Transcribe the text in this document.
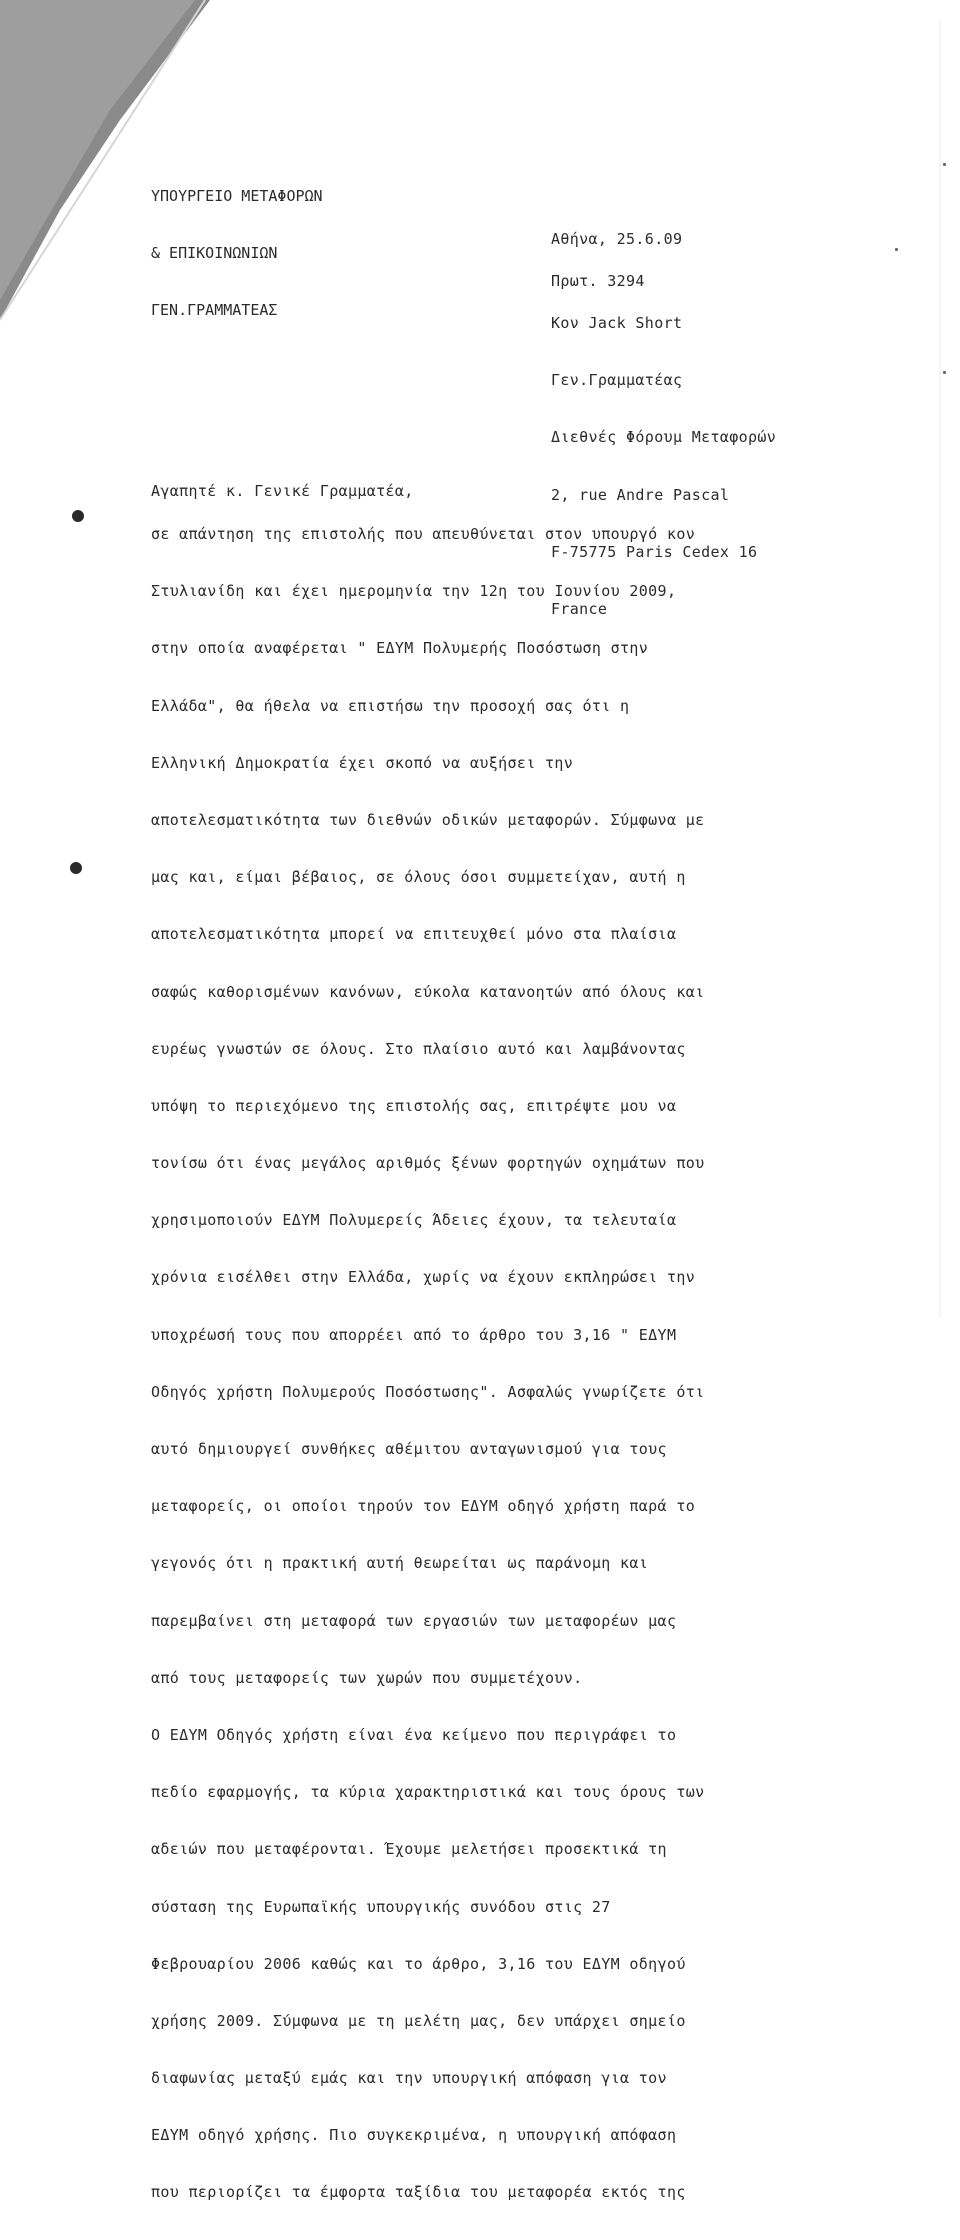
ΥΠΟΥΡΓΕΙΟ ΜΕΤΑΦΟΡΩΝ

& ΕΠΙΚΟΙΝΩΝΙΩΝ

ΓΕΝ.ΓΡΑΜΜΑΤΕΑΣ

Αθήνα, 25.6.09

Πρωτ. 3294

Κον Jack Short

Γεν.Γραμματέας

Διεθνές Φόρουμ Μεταφορών

2, rue Andre Pascal

F-75775 Paris Cedex 16

France

Αγαπητέ κ. Γενικέ Γραμματέα,

σε απάντηση της επιστολής που απευθύνεται στον υπουργό κον

Στυλιανίδη και έχει ημερομηνία την 12η του Ιουνίου 2009,

στην οποία αναφέρεται " ΕΔΥΜ Πολυμερής Ποσόστωση στην

Ελλάδα", θα ήθελα να επιστήσω την προσοχή σας ότι η

Ελληνική Δημοκρατία έχει σκοπό να αυξήσει την

αποτελεσματικότητα των διεθνών οδικών μεταφορών. Σύμφωνα με

μας και, είμαι βέβαιος, σε όλους όσοι συμμετείχαν, αυτή η

αποτελεσματικότητα μπορεί να επιτευχθεί μόνο στα πλαίσια

σαφώς καθορισμένων κανόνων, εύκολα κατανοητών από όλους και

ευρέως γνωστών σε όλους. Στο πλαίσιο αυτό και λαμβάνοντας

υπόψη το περιεχόμενο της επιστολής σας, επιτρέψτε μου να

τονίσω ότι ένας μεγάλος αριθμός ξένων φορτηγών οχημάτων που

χρησιμοποιούν ΕΔΥΜ Πολυμερείς Άδειες έχουν, τα τελευταία

χρόνια εισέλθει στην Ελλάδα, χωρίς να έχουν εκπληρώσει την

υποχρέωσή τους που απορρέει από το άρθρο του 3,16 " ΕΔΥΜ

Οδηγός χρήστη Πολυμερούς Ποσόστωσης". Ασφαλώς γνωρίζετε ότι

αυτό δημιουργεί συνθήκες αθέμιτου ανταγωνισμού για τους

μεταφορείς, οι οποίοι τηρούν τον ΕΔΥΜ οδηγό χρήστη παρά το

γεγονός ότι η πρακτική αυτή θεωρείται ως παράνομη και

παρεμβαίνει στη μεταφορά των εργασιών των μεταφορέων μας

από τους μεταφορείς των χωρών που συμμετέχουν.

Ο ΕΔΥΜ Οδηγός χρήστη είναι ένα κείμενο που περιγράφει το

πεδίο εφαρμογής, τα κύρια χαρακτηριστικά και τους όρους των

αδειών που μεταφέρονται. Έχουμε μελετήσει προσεκτικά τη

σύσταση της Ευρωπαϊκής υπουργικής συνόδου στις 27

Φεβρουαρίου 2006 καθώς και το άρθρο, 3,16 του ΕΔΥΜ οδηγού

χρήσης 2009. Σύμφωνα με τη μελέτη μας, δεν υπάρχει σημείο

διαφωνίας μεταξύ εμάς και την υπουργική απόφαση για τον

ΕΔΥΜ οδηγό χρήσης. Πιο συγκεκριμένα, η υπουργική απόφαση

που περιορίζει τα έμφορτα ταξίδια του μεταφορέα εκτός της
